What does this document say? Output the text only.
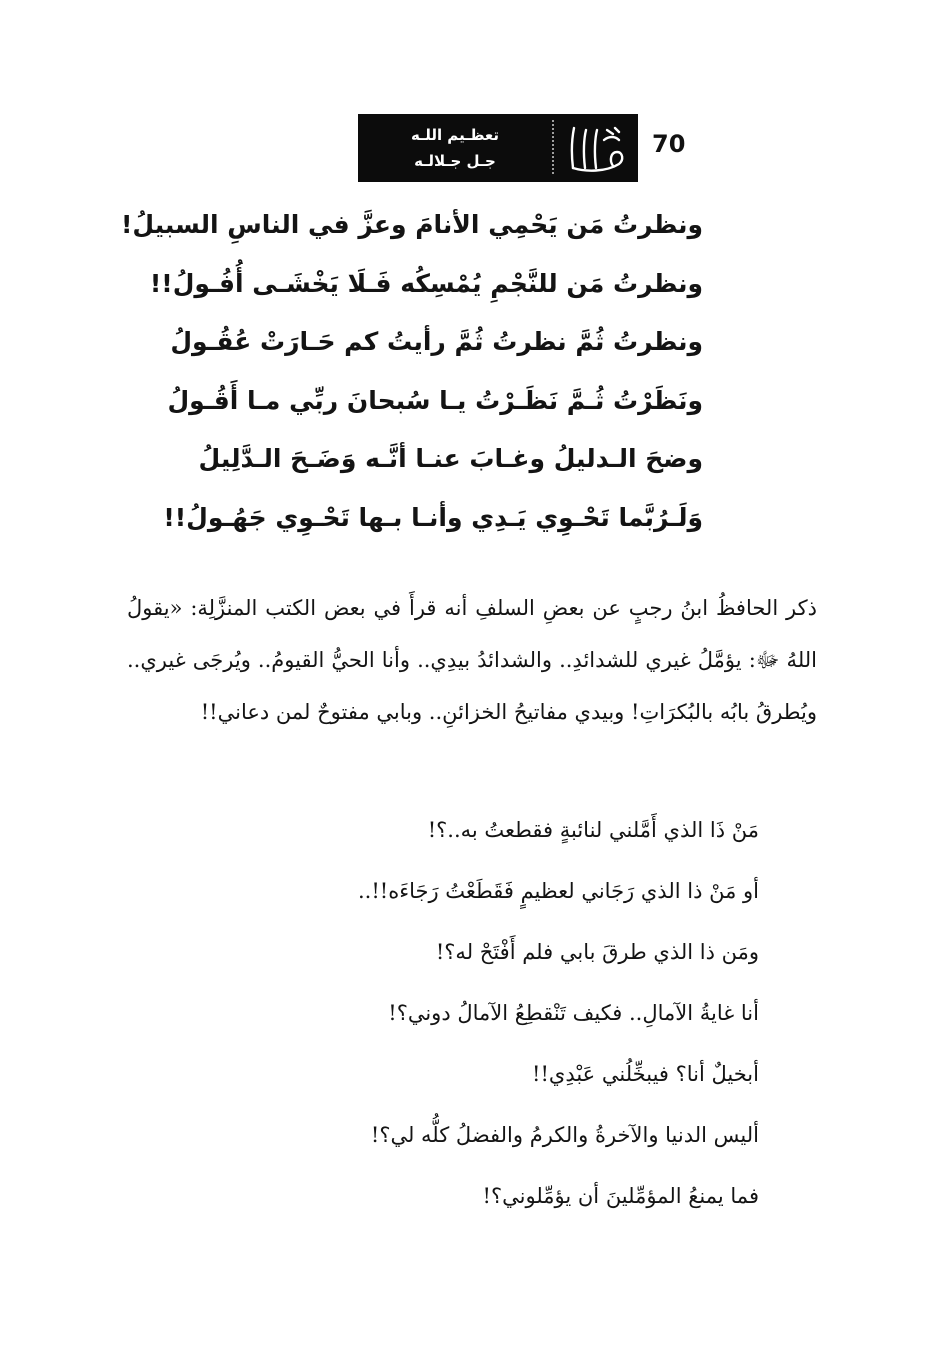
70
تعظـيم اللـه
جـل جـلالـه
ونظرتُ مَن يَحْمِي الأنامَ وعزَّ في الناسِ السبيلُ!
ونظرتُ مَن للنَّجْمِ يُمْسِكُه فَـلَا يَخْشَـى أُفُـولُ!!
ونظرتُ ثُمَّ نظرتُ ثُمَّ رأيتُ كم حَـارَتْ عُقُـولُ
ونَظَرْتُ ثُـمَّ نَظَـرْتُ يـا سُبحانَ ربِّي مـا أَقُـولُ
وضحَ الـدليلُ وغـابَ عنـا أنَّـه وَضَـحَ الـدَّلِيلُ
وَلَـرُبَّما تَحْـوِي يَـدِي وأنـا بـها تَحْـوِي جَهُـولُ!!
ذكر الحافظُ ابنُ رجبٍ عن بعضِ السلفِ أنه قرأَ في بعض الكتب المنزَّلِة: «يقولُ اللهُ ﷻ: يؤمَّلُ غيري للشدائدِ.. والشدائدُ بيدِي.. وأنا الحيُّ القيومُ.. ويُرجَى غيري.. ويُطرقُ بابُه بالبُكرَاتِ! وبيدي مفاتيحُ الخزائنِ.. وبابي مفتوحٌ لمن دعاني!!
مَنْ ذَا الذي أَمَّلني لنائبةٍ فقطعتُ به..؟!
أو مَنْ ذا الذي رَجَاني لعظيمٍ فَقَطَعْتُ رَجَاءَه!!..
ومَن ذا الذي طرقَ بابي فلم أَفْتَحْ له؟!
أنا غايةُ الآمالِ.. فكيف تَنْقطِعُ الآمالُ دوني؟!
أبخيلٌ أنا؟ فيبخِّلُني عَبْدِي!!
أليس الدنيا والآخرةُ والكرمُ والفضلُ كلُّه لي؟!
فما يمنعُ المؤمِّلينَ أن يؤمِّلوني؟!
